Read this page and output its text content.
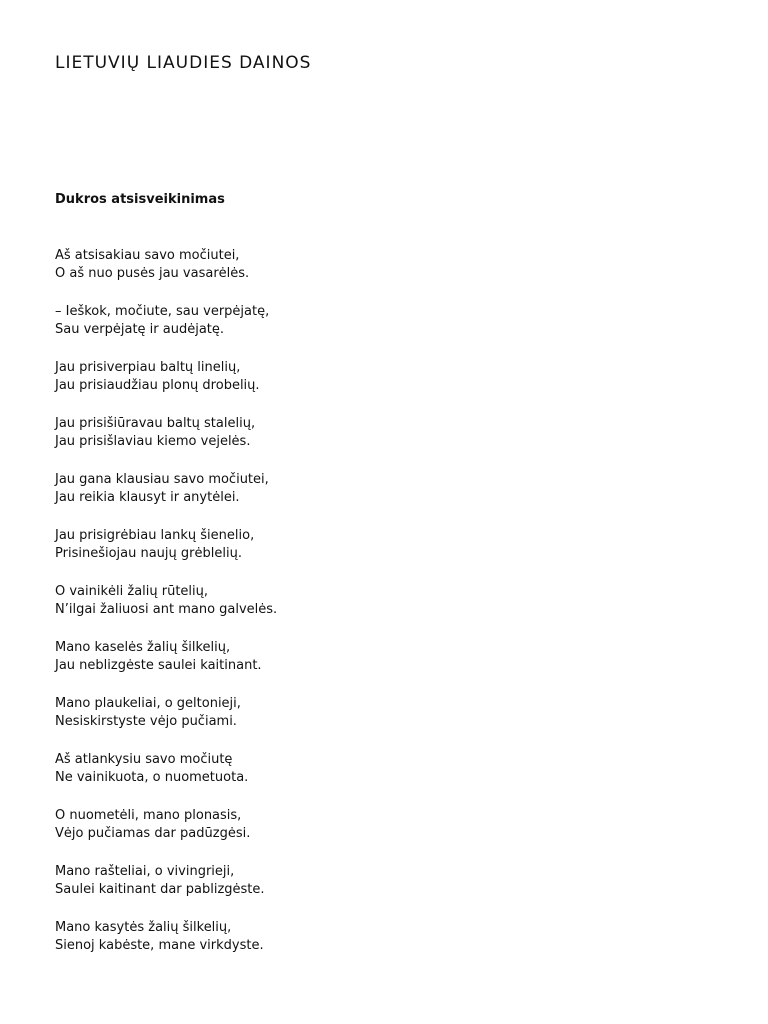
LIETUVIŲ LIAUDIES DAINOS
Dukros atsisveikinimas
Aš atsisakiau savo močiutei,
O aš nuo pusės jau vasarėlės.
– Ieškok, močiute, sau verpėjatę,
Sau verpėjatę ir audėjatę.
Jau prisiverpiau baltų linelių,
Jau prisiaudžiau plonų drobelių.
Jau prisišiūravau baltų stalelių,
Jau prisišlaviau kiemo vejelės.
Jau gana klausiau savo močiutei,
Jau reikia klausyt ir anytėlei.
Jau prisigrėbiau lankų šienelio,
Prisinešiojau naujų grėblelių.
O vainikėli žalių rūtelių,
N’ilgai žaliuosi ant mano galvelės.
Mano kaselės žalių šilkelių,
Jau neblizgėste saulei kaitinant.
Mano plaukeliai, o geltonieji,
Nesiskirstyste vėjo pučiami.
Aš atlankysiu savo močiutę
Ne vainikuota, o nuometuota.
O nuometėli, mano plonasis,
Vėjo pučiamas dar padūzgėsi.
Mano rašteliai, o vivingrieji,
Saulei kaitinant dar pablizgėste.
Mano kasytės žalių šilkelių,
Sienoj kabėste, mane virkdyste.
